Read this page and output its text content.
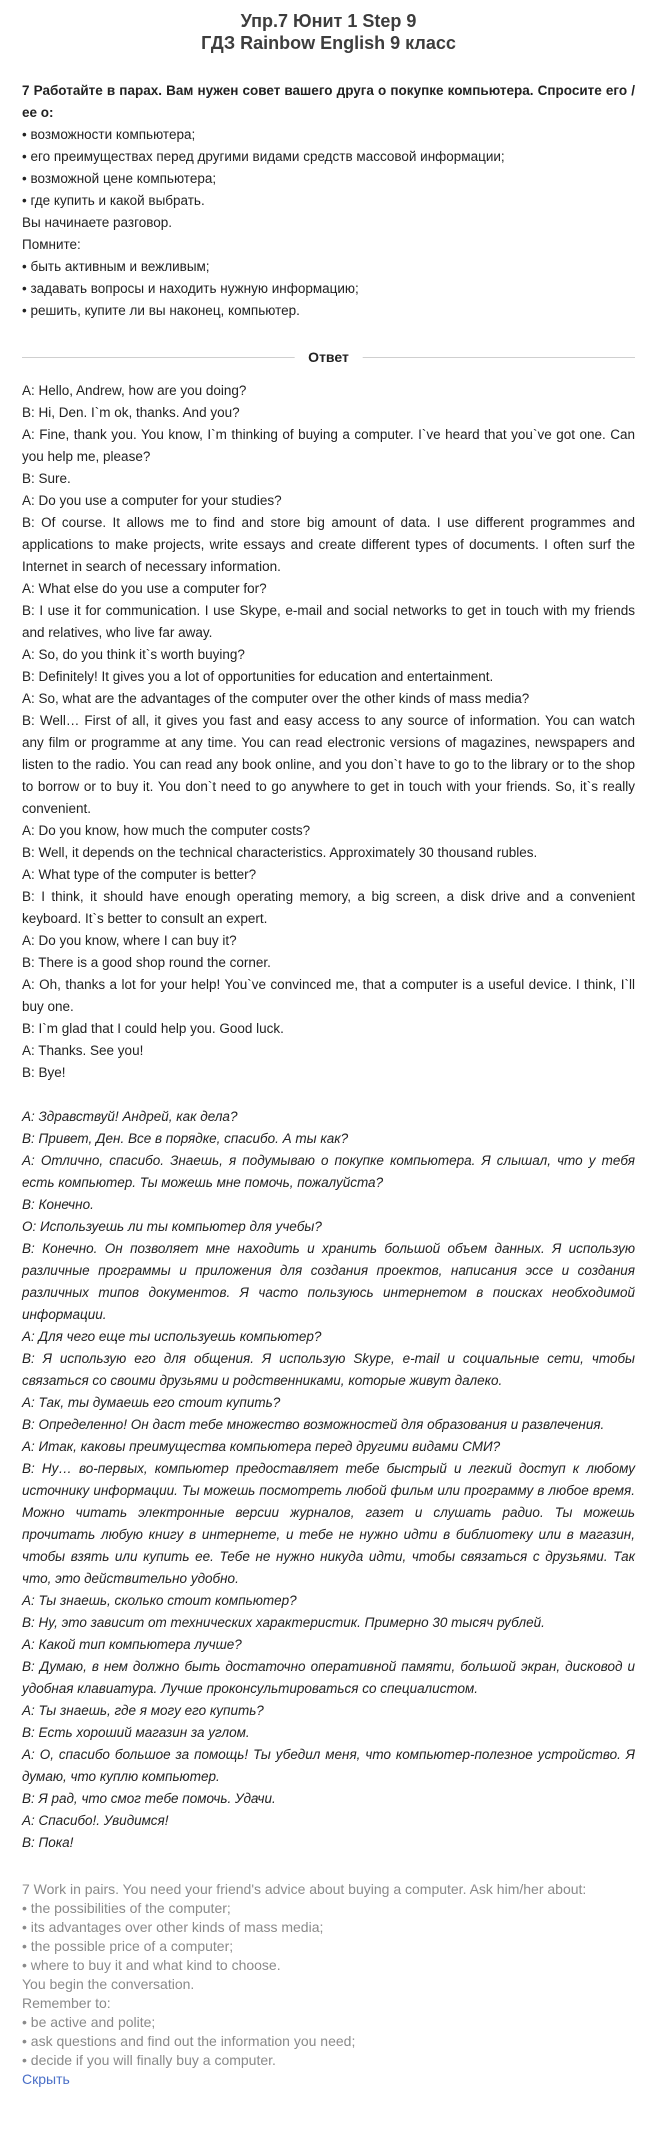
Упр.7 Юнит 1 Step 9
ГДЗ Rainbow English 9 класс
7 Работайте в парах. Вам нужен совет вашего друга о покупке компьютера. Спросите его / ее о:
• возможности компьютера;
• его преимуществах перед другими видами средств массовой информации;
• возможной цене компьютера;
• где купить и какой выбрать.
Вы начинаете разговор.
Помните:
• быть активным и вежливым;
• задавать вопросы и находить нужную информацию;
• решить, купите ли вы наконец, компьютер.
Ответ
A: Hello, Andrew, how are you doing?
B: Hi, Den. I`m ok, thanks. And you?
A: Fine, thank you. You know, I`m thinking of buying a computer. I`ve heard that you`ve got one. Can you help me, please?
B: Sure.
A: Do you use a computer for your studies?
B: Of course. It allows me to find and store big amount of data. I use different programmes and applications to make projects, write essays and create different types of documents. I often surf the Internet in search of necessary information.
A: What else do you use a computer for?
B: I use it for communication. I use Skype, e-mail and social networks to get in touch with my friends and relatives, who live far away.
A: So, do you think it`s worth buying?
B: Definitely! It gives you a lot of opportunities for education and entertainment.
A: So, what are the advantages of the computer over the other kinds of mass media?
B: Well… First of all, it gives you fast and easy access to any source of information. You can watch any film or programme at any time. You can read electronic versions of magazines, newspapers and listen to the radio. You can read any book online, and you don`t have to go to the library or to the shop to borrow or to buy it. You don`t need to go anywhere to get in touch with your friends. So, it`s really convenient.
A: Do you know, how much the computer costs?
B: Well, it depends on the technical characteristics. Approximately 30 thousand rubles.
A: What type of the computer is better?
B: I think, it should have enough operating memory, a big screen, a disk drive and a convenient keyboard. It`s better to consult an expert.
A: Do you know, where I can buy it?
B: There is a good shop round the corner.
A: Oh, thanks a lot for your help! You`ve convinced me, that a computer is a useful device. I think, I`ll buy one.
B: I`m glad that I could help you. Good luck.
A: Thanks. See you!
B: Bye!
А: Здравствуй! Андрей, как дела?
В: Привет, Ден. Все в порядке, спасибо. А ты как?
А: Отлично, спасибо. Знаешь, я подумываю о покупке компьютера. Я слышал, что у тебя есть компьютер. Ты можешь мне помочь, пожалуйста?
В: Конечно.
О: Используешь ли ты компьютер для учебы?
В: Конечно. Он позволяет мне находить и хранить большой объем данных. Я использую различные программы и приложения для создания проектов, написания эссе и создания различных типов документов. Я часто пользуюсь интернетом в поисках необходимой информации.
А: Для чего еще ты используешь компьютер?
В: Я использую его для общения. Я использую Skype, e-mail и социальные сети, чтобы связаться со своими друзьями и родственниками, которые живут далеко.
А: Так, ты думаешь его стоит купить?
В: Определенно! Он даст тебе множество возможностей для образования и развлечения.
А: Итак, каковы преимущества компьютера перед другими видами СМИ?
В: Ну… во-первых, компьютер предоставляет тебе быстрый и легкий доступ к любому источнику информации. Ты можешь посмотреть любой фильм или программу в любое время. Можно читать электронные версии журналов, газет и слушать радио. Ты можешь прочитать любую книгу в интернете, и тебе не нужно идти в библиотеку или в магазин, чтобы взять или купить ее. Тебе не нужно никуда идти, чтобы связаться с друзьями. Так что, это действительно удобно.
А: Ты знаешь, сколько стоит компьютер?
В: Ну, это зависит от технических характеристик. Примерно 30 тысяч рублей.
А: Какой тип компьютера лучше?
В: Думаю, в нем должно быть достаточно оперативной памяти, большой экран, дисковод и удобная клавиатура. Лучше проконсультироваться со специалистом.
А: Ты знаешь, где я могу его купить?
В: Есть хороший магазин за углом.
А: О, спасибо большое за помощь! Ты убедил меня, что компьютер-полезное устройство. Я думаю, что куплю компьютер.
В: Я рад, что смог тебе помочь. Удачи.
А: Спасибо!. Увидимся!
В: Пока!
7 Work in pairs. You need your friend's advice about buying a computer. Ask him/her about:
• the possibilities of the computer;
• its advantages over other kinds of mass media;
• the possible price of a computer;
• where to buy it and what kind to choose.
You begin the conversation.
Remember to:
• be active and polite;
• ask questions and find out the information you need;
• decide if you will finally buy a computer.
Скрыть
